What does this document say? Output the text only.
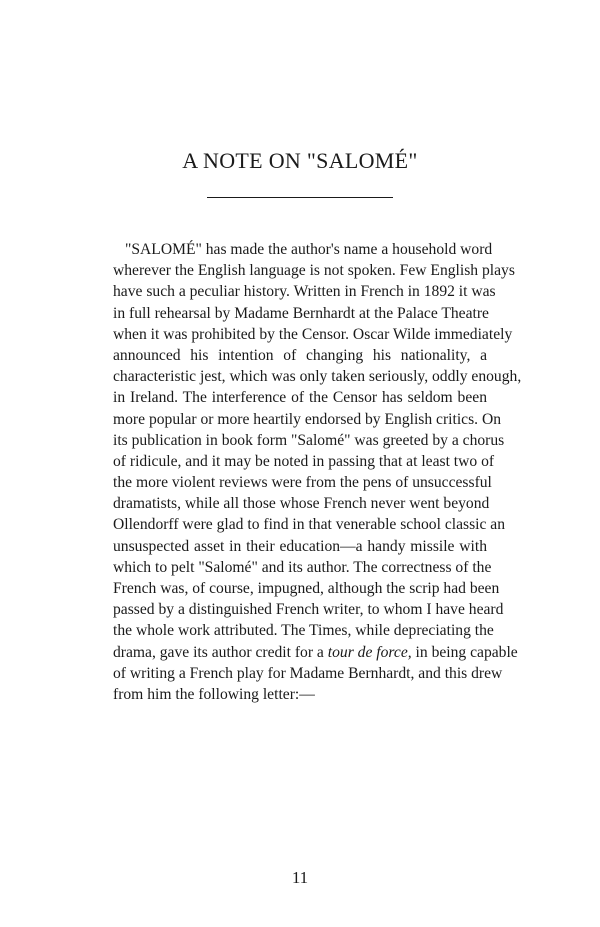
A NOTE ON "SALOMÉ"
"SALOMÉ" has made the author's name a household word
wherever the English language is not spoken. Few English plays
have such a peculiar history. Written in French in 1892 it was
in full rehearsal by Madame Bernhardt at the Palace Theatre
when it was prohibited by the Censor. Oscar Wilde immediately
announced his intention of changing his nationality, a
characteristic jest, which was only taken seriously, oddly enough,
in Ireland. The interference of the Censor has seldom been
more popular or more heartily endorsed by English critics. On
its publication in book form "Salomé" was greeted by a chorus
of ridicule, and it may be noted in passing that at least two of
the more violent reviews were from the pens of unsuccessful
dramatists, while all those whose French never went beyond
Ollendorff were glad to find in that venerable school classic an
unsuspected asset in their education—a handy missile with
which to pelt "Salomé" and its author. The correctness of the
French was, of course, impugned, although the scrip had been
passed by a distinguished French writer, to whom I have heard
the whole work attributed. The Times, while depreciating the
drama, gave its author credit for a tour de force, in being capable
of writing a French play for Madame Bernhardt, and this drew
from him the following letter:—
11
